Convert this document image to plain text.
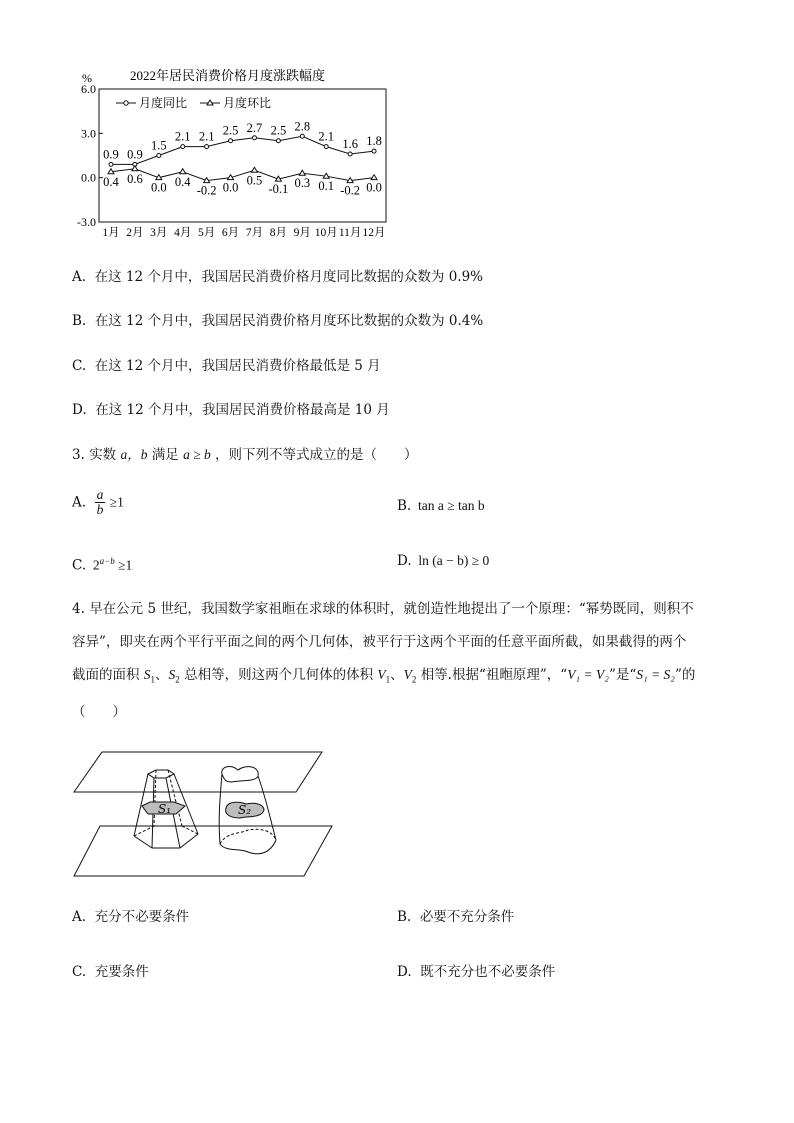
%	2022年居民消费价格月度涨跌幅度
6.0
3.0
0.0
-3.0
1月 2月 3月 4月 5月 6月 7月 8月 9月 10月 11月 12月
月度同比	月度环比
0.9 0.9
1.5
2.1 2.1 2.5 2.7 2.5 2.8
2.1
1.6 1.8
0.4 0.6
0.0 0.4
-0.2 0.0
0.5
-0.1 0.3 0.1 -0.2 0.0
A. 在这 12 个月中，我国居民消费价格月度同比数据的众数为 0.9%
B. 在这 12 个月中，我国居民消费价格月度环比数据的众数为 0.4%
C. 在这 12 个月中，我国居民消费价格最低是 5 月
D. 在这 12 个月中，我国居民消费价格最高是 10 月
3. 实数 a，b 满足 a ≥ b ，则下列不等式成立的是（　　）
A. $\frac{a}{b} \ge 1$	B. tan a ≥ tan b
C. $2^{a-b} \ge 1$	D. ln (a − b) ≥ 0
4. 早在公元 5 世纪，我国数学家祖暅在求球的体积时，就创造性地提出了一个原理：“幂势既同，则积不
容异”，即夹在两个平行平面之间的两个几何体，被平行于这两个平面的任意平面所截，如果截得的两个
截面的面积 $S_1$、$S_2$ 总相等，则这两个几何体的体积 $V_1$、$V_2$ 相等.根据“祖暅原理”，“V₁ = V₂”是“S₁ = S₂”的
（　　）
S₁	S₂
A. 充分不必要条件	B. 必要不充分条件
C. 充要条件	D. 既不充分也不必要条件
